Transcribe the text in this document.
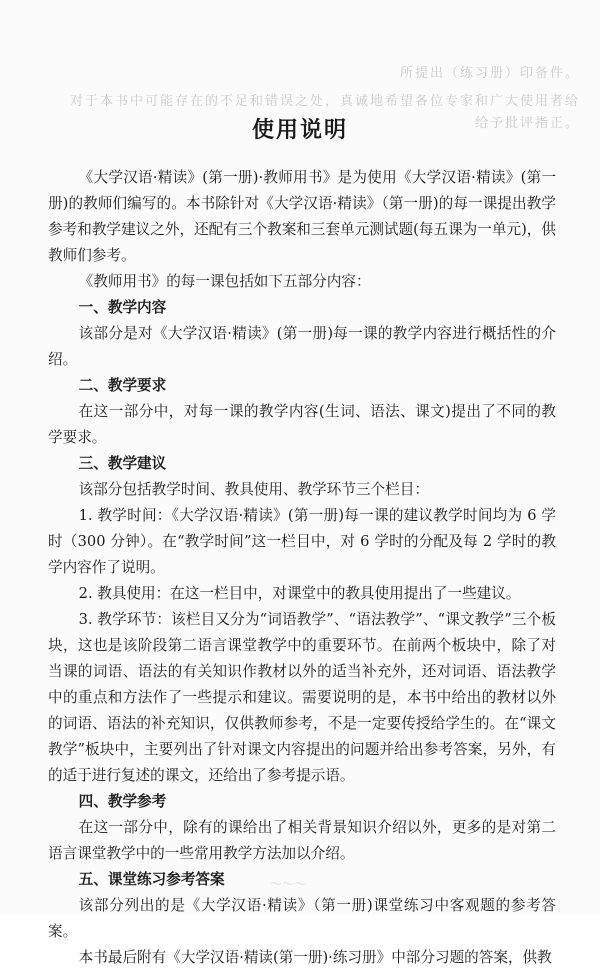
所提出（练习册）印备件。
对于本书中可能存在的不足和错误之处，真诚地希望各位专家和广大使用者给
给予批评指正。
使用说明

《大学汉语·精读》(第一册)·教师用书》是为使用《大学汉语·精读》(第一册)的教师们编写的。本书除针对《大学汉语·精读》（第一册)的每一课提出教学参考和教学建议之外，还配有三个教案和三套单元测试题(每五课为一单元)，供教师们参考。

《教师用书》的每一课包括如下五部分内容：

一、教学内容

该部分是对《大学汉语·精读》(第一册)每一课的教学内容进行概括性的介绍。

二、教学要求

在这一部分中，对每一课的教学内容(生词、语法、课文)提出了不同的教学要求。

三、教学建议

该部分包括教学时间、教具使用、教学环节三个栏目：

1. 教学时间：《大学汉语·精读》(第一册)每一课的建议教学时间均为 6 学时（300 分钟）。在“教学时间”这一栏目中，对 6 学时的分配及每 2 学时的教学内容作了说明。

2. 教具使用：在这一栏目中，对课堂中的教具使用提出了一些建议。

3. 教学环节：该栏目又分为“词语教学”、“语法教学”、“课文教学”三个板块，这也是该阶段第二语言课堂教学中的重要环节。在前两个板块中，除了对当课的词语、语法的有关知识作教材以外的适当补充外，还对词语、语法教学中的重点和方法作了一些提示和建议。需要说明的是，本书中给出的教材以外的词语、语法的补充知识，仅供教师参考，不是一定要传授给学生的。在“课文教学”板块中，主要列出了针对课文内容提出的问题并给出参考答案，另外，有的适于进行复述的课文，还给出了参考提示语。

四、教学参考

在这一部分中，除有的课给出了相关背景知识介绍以外，更多的是对第二语言课堂教学中的一些常用教学方法加以介绍。

五、课堂练习参考答案

该部分列出的是《大学汉语·精读》（第一册)课堂练习中客观题的参考答案。

本书最后附有《大学汉语·精读(第一册)·练习册》中部分习题的答案，供教

～～～
